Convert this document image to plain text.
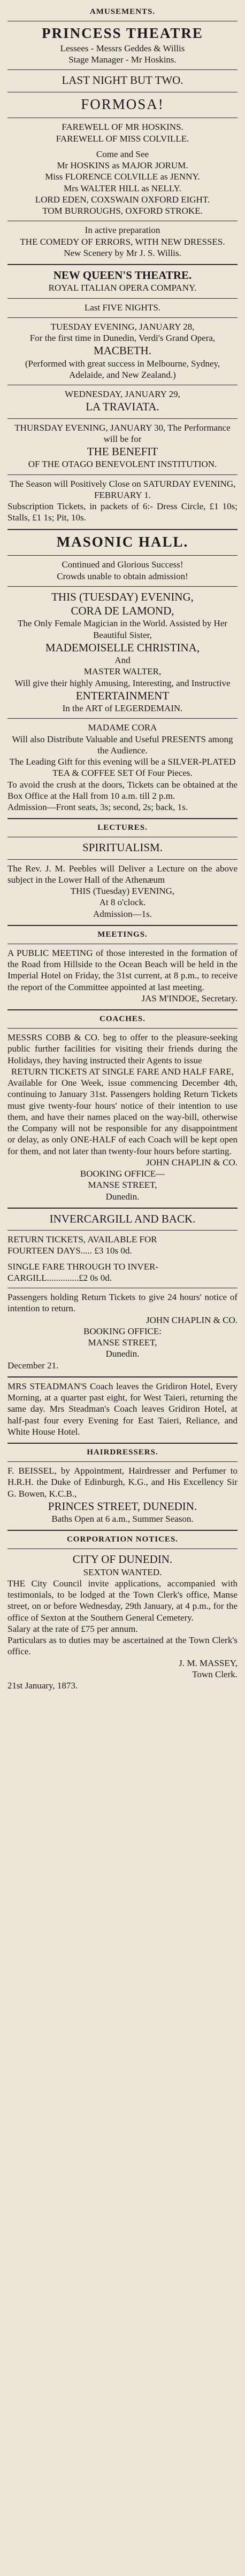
AMUSEMENTS.

PRINCESS THEATRE

Lessees - Messrs Geddes & Willis

Stage Manager - Mr Hoskins.

LAST NIGHT BUT TWO.

FORMOSA!

FAREWELL OF MR HOSKINS.

FAREWELL OF MISS COLVILLE.

Come and See

Mr HOSKINS as MAJOR JORUM.

Miss FLORENCE COLVILLE as JENNY.

Mrs WALTER HILL as NELLY.

LORD EDEN, COXSWAIN OXFORD EIGHT.

TOM BURROUGHS, OXFORD STROKE.

In active preparation

THE COMEDY OF ERRORS, WITH NEW DRESSES.

New Scenery by Mr J. S. Willis.

NEW QUEEN'S THEATRE.

ROYAL ITALIAN OPERA COMPANY.

Last FIVE NIGHTS.

TUESDAY EVENING, JANUARY 28,

For the first time in Dunedin, Verdi's Grand Opera,

MACBETH.

(Performed with great success in Melbourne, Sydney, Adelaide, and New Zealand.)

WEDNESDAY, JANUARY 29,

LA TRAVIATA.

THURSDAY EVENING, JANUARY 30, The Performance will be for

THE BENEFIT

OF THE OTAGO BENEVOLENT INSTITUTION.

The Season will Positively Close on SATURDAY EVENING, FEBRUARY 1.

Subscription Tickets, in packets of 6:- Dress Circle, £1 10s; Stalls, £1 1s; Pit, 10s.

MASONIC HALL.

Continued and Glorious Success!

Crowds unable to obtain admission!

THIS (TUESDAY) EVENING,

CORA DE LAMOND,

The Only Female Magician in the World. Assisted by Her Beautiful Sister,

MADEMOISELLE CHRISTINA,

And

MASTER WALTER,

Will give their highly Amusing, Interesting, and Instructive

ENTERTAINMENT

In the ART of LEGERDEMAIN.

MADAME CORA

Will also Distribute Valuable and Useful PRESENTS among the Audience.

The Leading Gift for this evening will be a SILVER-PLATED TEA & COFFEE SET Of Four Pieces.

To avoid the crush at the doors, Tickets can be obtained at the Box Office at the Hall from 10 a.m. till 2 p.m.

Admission—Front seats, 3s; second, 2s; back, 1s.

LECTURES.

SPIRITUALISM.

The Rev. J. M. Peebles will Deliver a Lecture on the above subject in the Lower Hall of the Athenæum

THIS (Tuesday) EVENING,

At 8 o'clock.

Admission—1s.

MEETINGS.

A PUBLIC MEETING of those interested in the formation of the Road from Hillside to the Ocean Beach will be held in the Imperial Hotel on Friday, the 31st current, at 8 p.m., to receive the report of the Committee appointed at last meeting.

JAS M'INDOE, Secretary.

COACHES.

MESSRS COBB & CO. beg to offer to the pleasure-seeking public further facilities for visiting their friends during the Holidays, they having instructed their Agents to issue

RETURN TICKETS AT SINGLE FARE AND HALF FARE,

Available for One Week, issue commencing December 4th, continuing to January 31st. Passengers holding Return Tickets must give twenty-four hours' notice of their intention to use them, and have their names placed on the way-bill, otherwise the Company will not be responsible for any disappointment or delay, as only ONE-HALF of each Coach will be kept open for them, and not later than twenty-four hours before starting.

JOHN CHAPLIN & CO.

BOOKING OFFICE—

MANSE STREET,

Dunedin.

INVERCARGILL AND BACK.

RETURN TICKETS, AVAILABLE FOR

FOURTEEN DAYS..... £3 10s 0d.

SINGLE FARE THROUGH TO INVER-

CARGILL..............£2 0s 0d.

Passengers holding Return Tickets to give 24 hours' notice of intention to return.

JOHN CHAPLIN & CO.

BOOKING OFFICE:

MANSE STREET,

Dunedin.

December 21.

MRS STEADMAN'S Coach leaves the Gridiron Hotel, Every Morning, at a quarter past eight, for West Taieri, returning the same day. Mrs Steadman's Coach leaves Gridiron Hotel, at half-past four every Evening for East Taieri, Reliance, and White House Hotel.

HAIRDRESSERS.

F. BEISSEL, by Appointment, Hairdresser and Perfumer to H.R.H. the Duke of Edinburgh, K.G., and His Excellency Sir G. Bowen, K.C.B.,

PRINCES STREET, DUNEDIN.

Baths Open at 6 a.m., Summer Season.

CORPORATION NOTICES.

CITY OF DUNEDIN.

SEXTON WANTED.

THE City Council invite applications, accompanied with testimonials, to be lodged at the Town Clerk's office, Manse street, on or before Wednesday, 29th January, at 4 p.m., for the office of Sexton at the Southern General Cemetery.

Salary at the rate of £75 per annum.

Particulars as to duties may be ascertained at the Town Clerk's office.

J. M. MASSEY,

Town Clerk.

21st January, 1873.
